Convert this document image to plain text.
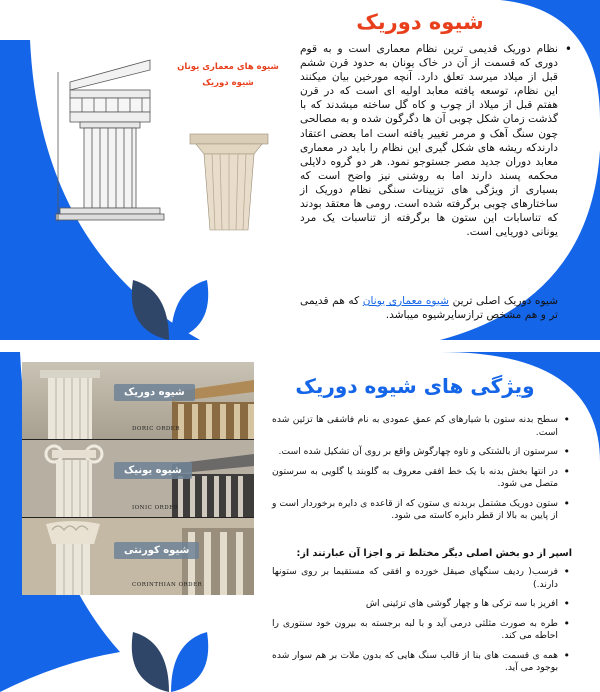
شیوه های معماری یونان
شیوه دوریک
شیوه دوریک
• نظام دوریک قدیمی ترین نظام معماری است و به قوم دوری که قسمت از آن در خاک یونان به حدود قرن ششم قبل از میلاد میرسد تعلق دارد. آنچه مورخین بیان میکنند این نظام، توسعه یافته معابد اولیه ای است که در قرن هفتم قبل از میلاد از چوب و کاه گل ساخته میشدند که با گذشت زمان شکل چوبی آن ها دگرگون شده و به مصالحی چون سنگ آهک و مرمر تغییر یافته است اما بعضی اعتقاد دارندکه ریشه های شکل گیری این نظام را باید در معماری معابد دوران جدید مصر جستوجو نمود. هر دو گروه دلایلی محکمه پسند دارند اما به روشنی نیز واضح است که بسیاری از ویژگی های تزیینات سنگی نظام دوریک از ساختارهای چوبی برگرفته شده است. رومی ها معتقد بودند که تناسابات این ستون ها برگرفته از تناسبات یک مرد یونانی دوریایی است.
شیوه دوریک اصلی ترین شیوه معماری یونان که هم قدیمی تر و هم مشخص ترازسایرشیوه میباشد.
شیوه دوریک
DORIC ORDER
شیوه یونیک
IONIC ORDER
شیوه کورنتی
CORINTHIAN ORDER
ویژگی های شیوه دوریک
• سطح بدنه ستون با شیارهای کم عمق عمودی به نام فاشقی ها تزئین شده است.
• سرستون از بالشتکی و تاوه چهارگوش واقع بر روی آن تشکیل شده است.
• در انتها بخش بدنه با یک خط افقی معروف به گلوبند یا گلویی به سرستون متصل می شود.
• ستون دوریک مشتمل بربدنه ی ستون که از قاعده ی دایره برخوردار است و از پایین به بالا از قطر دایره کاسته می شود.
اسپر از دو بخش اصلی دیگر مختلط تر و اجزا آن عبارتند از:
• فرسب( ردیف سنگهای صیقل خورده و افقی که مستقیما بر روی ستونها دارند.)
• افریز با سه ترکی ها و چهار گوشی های تزئینی اش
• طره به صورت مثلثی درمی آید و با لبه برجسته به بیرون خود سنتوری را احاطه می کند.
• همه ی قسمت های بنا از قالب سنگ هایی که بدون ملات بر هم سوار شده بوجود می آید.
